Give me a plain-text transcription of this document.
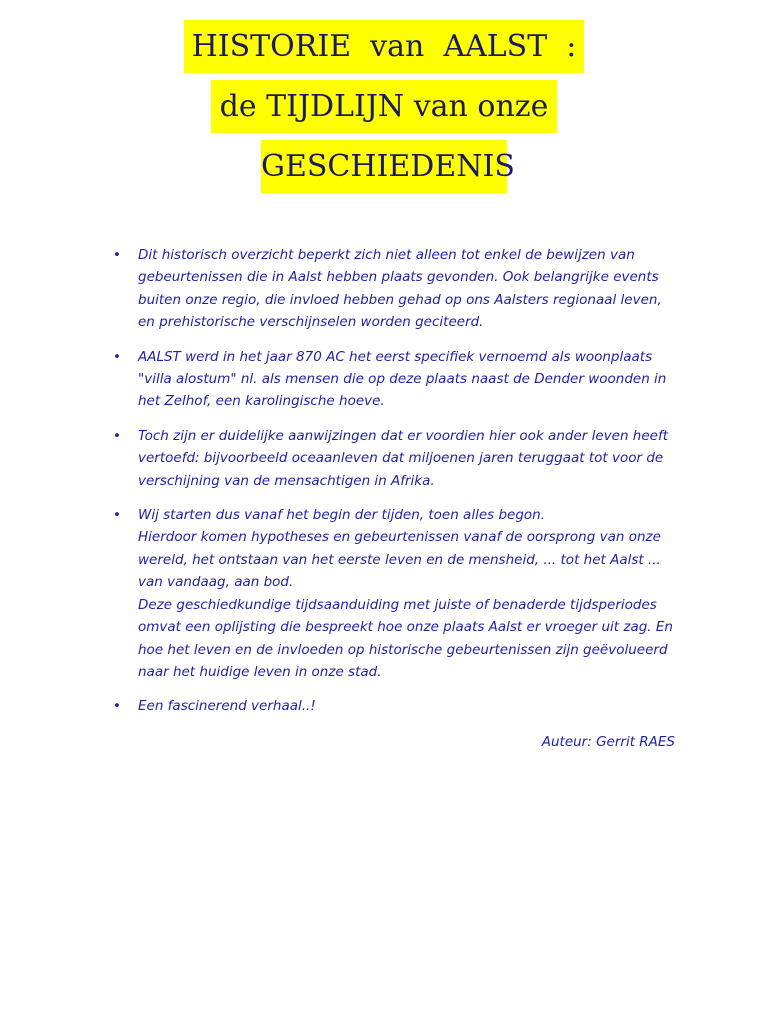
HISTORIE  van  AALST  :
de TIJDLIJN van onze
GESCHIEDENIS
• Dit historisch overzicht beperkt zich niet alleen tot enkel de bewijzen van gebeurtenissen die in Aalst hebben plaats gevonden. Ook belangrijke events buiten onze regio, die invloed hebben gehad op ons Aalsters regionaal leven, en prehistorische verschijnselen worden geciteerd.
• AALST werd in het jaar 870 AC het eerst specifiek vernoemd als woonplaats "villa alostum" nl. als mensen die op deze plaats naast de Dender woonden in het Zelhof, een karolingische hoeve.
• Toch zijn er duidelijke aanwijzingen dat er voordien hier ook ander leven heeft vertoefd: bijvoorbeeld oceaanleven dat miljoenen jaren teruggaat tot voor de verschijning van de mensachtigen in Afrika.
• Wij starten dus vanaf het begin der tijden, toen alles begon.
Hierdoor komen hypotheses en gebeurtenissen vanaf de oorsprong van onze wereld, het ontstaan van het eerste leven en de mensheid, ... tot het Aalst ... van vandaag, aan bod.
Deze geschiedkundige tijdsaanduiding met juiste of benaderde tijdsperiodes omvat een oplijsting die bespreekt hoe onze plaats Aalst er vroeger uit zag. En hoe het leven en de invloeden op historische gebeurtenissen zijn geëvolueerd naar het huidige leven in onze stad.
• Een fascinerend verhaal..!
Auteur: Gerrit RAES
